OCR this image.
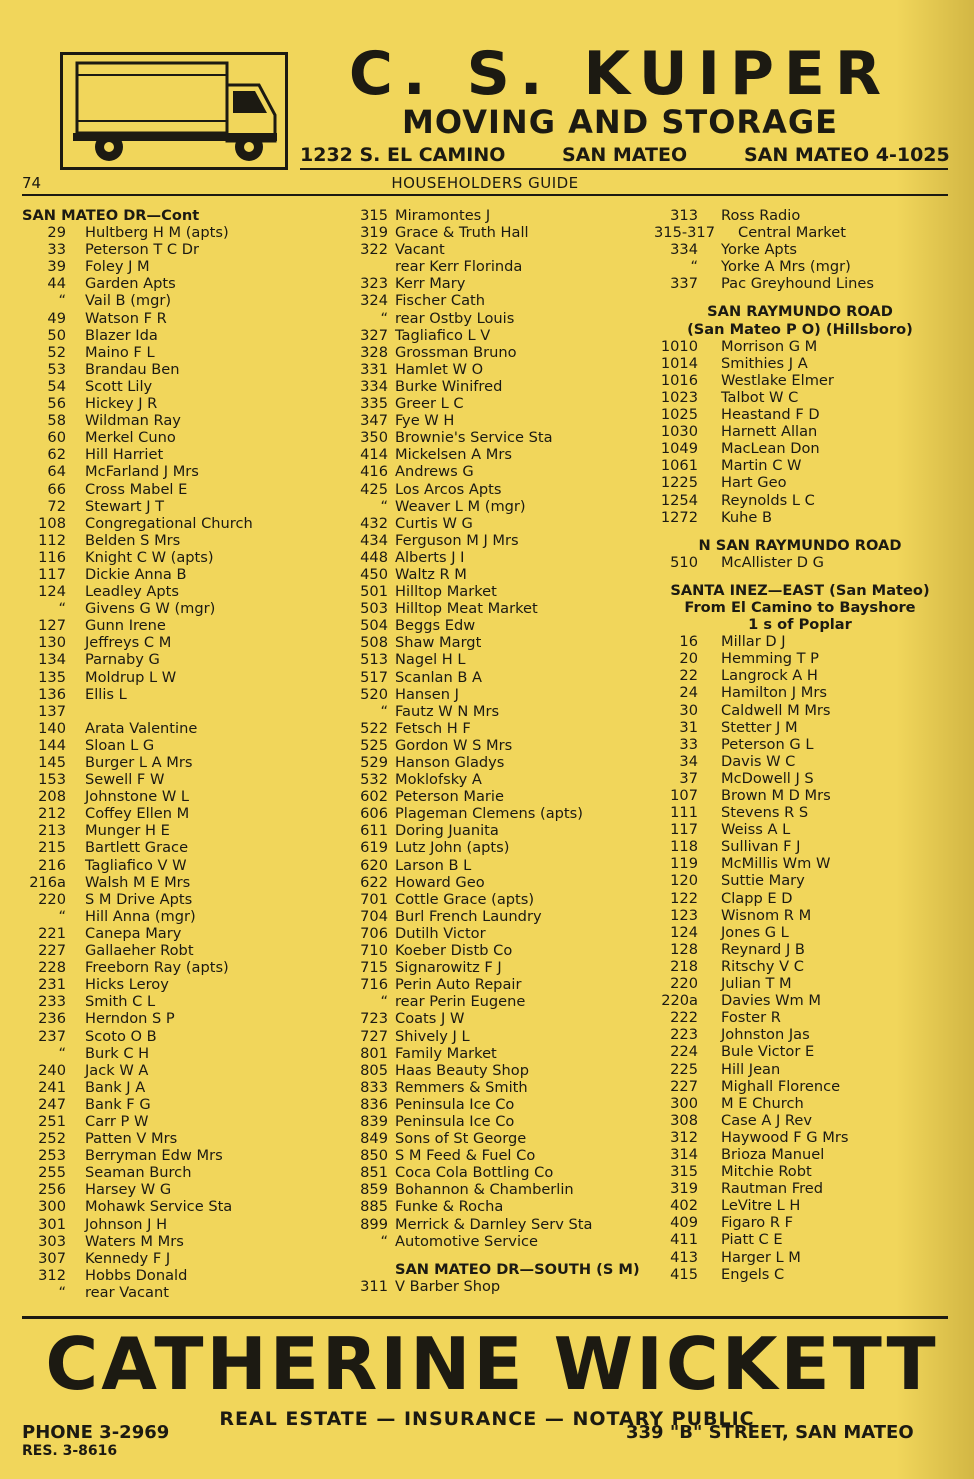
C. S. KUIPER
MOVING AND STORAGE
1232 S. EL CAMINO	SAN MATEO	SAN MATEO 4-1025
74	HOUSEHOLDERS GUIDE
SAN MATEO DR—Cont
29 Hultberg H M (apts)
33 Peterson T C Dr
39 Foley J M
44 Garden Apts
“ Vail B (mgr)
49 Watson F R
50 Blazer Ida
52 Maino F L
53 Brandau Ben
54 Scott Lily
56 Hickey J R
58 Wildman Ray
60 Merkel Cuno
62 Hill Harriet
64 McFarland J Mrs
66 Cross Mabel E
72 Stewart J T
108 Congregational Church
112 Belden S Mrs
116 Knight C W (apts)
117 Dickie Anna B
124 Leadley Apts
“ Givens G W (mgr)
127 Gunn Irene
130 Jeffreys C M
134 Parnaby G
135 Moldrup L W
136 Ellis L
137
140 Arata Valentine
144 Sloan L G
145 Burger L A Mrs
153 Sewell F W
208 Johnstone W L
212 Coffey Ellen M
213 Munger H E
215 Bartlett Grace
216 Tagliafico V W
216a Walsh M E Mrs
220 S M Drive Apts
“ Hill Anna (mgr)
221 Canepa Mary
227 Gallaeher Robt
228 Freeborn Ray (apts)
231 Hicks Leroy
233 Smith C L
236 Herndon S P
237 Scoto O B
“ Burk C H
240 Jack W A
241 Bank J A
247 Bank F G
251 Carr P W
252 Patten V Mrs
253 Berryman Edw Mrs
255 Seaman Burch
256 Harsey W G
300 Mohawk Service Sta
301 Johnson J H
303 Waters M Mrs
307 Kennedy F J
312 Hobbs Donald
“ rear Vacant
315 Miramontes J
319 Grace & Truth Hall
322 Vacant
rear Kerr Florinda
323 Kerr Mary
324 Fischer Cath
“ rear Ostby Louis
327 Tagliafico L V
328 Grossman Bruno
331 Hamlet W O
334 Burke Winifred
335 Greer L C
347 Fye W H
350 Brownie's Service Sta
414 Mickelsen A Mrs
416 Andrews G
425 Los Arcos Apts
“ Weaver L M (mgr)
432 Curtis W G
434 Ferguson M J Mrs
448 Alberts J I
450 Waltz R M
501 Hilltop Market
503 Hilltop Meat Market
504 Beggs Edw
508 Shaw Margt
513 Nagel H L
517 Scanlan B A
520 Hansen J
“ Fautz W N Mrs
522 Fetsch H F
525 Gordon W S Mrs
529 Hanson Gladys
532 Moklofsky A
602 Peterson Marie
606 Plageman Clemens (apts)
611 Doring Juanita
619 Lutz John (apts)
620 Larson B L
622 Howard Geo
701 Cottle Grace (apts)
704 Burl French Laundry
706 Dutilh Victor
710 Koeber Distb Co
715 Signarowitz F J
716 Perin Auto Repair
“ rear Perin Eugene
723 Coats J W
727 Shively J L
801 Family Market
805 Haas Beauty Shop
833 Remmers & Smith
836 Peninsula Ice Co
839 Peninsula Ice Co
849 Sons of St George
850 S M Feed & Fuel Co
851 Coca Cola Bottling Co
859 Bohannon & Chamberlin
885 Funke & Rocha
899 Merrick & Darnley Serv Sta
“ Automotive Service
SAN MATEO DR—SOUTH (S M)
311 V Barber Shop
313 Ross Radio
315-317 Central Market
334 Yorke Apts
“ Yorke A Mrs (mgr)
337 Pac Greyhound Lines
SAN RAYMUNDO ROAD
(San Mateo P O) (Hillsboro)
1010 Morrison G M
1014 Smithies J A
1016 Westlake Elmer
1023 Talbot W C
1025 Heastand F D
1030 Harnett Allan
1049 MacLean Don
1061 Martin C W
1225 Hart Geo
1254 Reynolds L C
1272 Kuhe B
N SAN RAYMUNDO ROAD
510 McAllister D G
SANTA INEZ—EAST (San Mateo)
From El Camino to Bayshore
1 s of Poplar
16 Millar D J
20 Hemming T P
22 Langrock A H
24 Hamilton J Mrs
30 Caldwell M Mrs
31 Stetter J M
33 Peterson G L
34 Davis W C
37 McDowell J S
107 Brown M D Mrs
111 Stevens R S
117 Weiss A L
118 Sullivan F J
119 McMillis Wm W
120 Suttie Mary
122 Clapp E D
123 Wisnom R M
124 Jones G L
128 Reynard J B
218 Ritschy V C
220 Julian T M
220a Davies Wm M
222 Foster R
223 Johnston Jas
224 Bule Victor E
225 Hill Jean
227 Mighall Florence
300 M E Church
308 Case A J Rev
312 Haywood F G Mrs
314 Brioza Manuel
315 Mitchie Robt
319 Rautman Fred
402 LeVitre L H
409 Figaro R F
411 Piatt C E
413 Harger L M
415 Engels C
CATHERINE WICKETT
REAL ESTATE — INSURANCE — NOTARY PUBLIC
PHONE 3-2969
RES. 3-8616
339 "B" STREET, SAN MATEO
